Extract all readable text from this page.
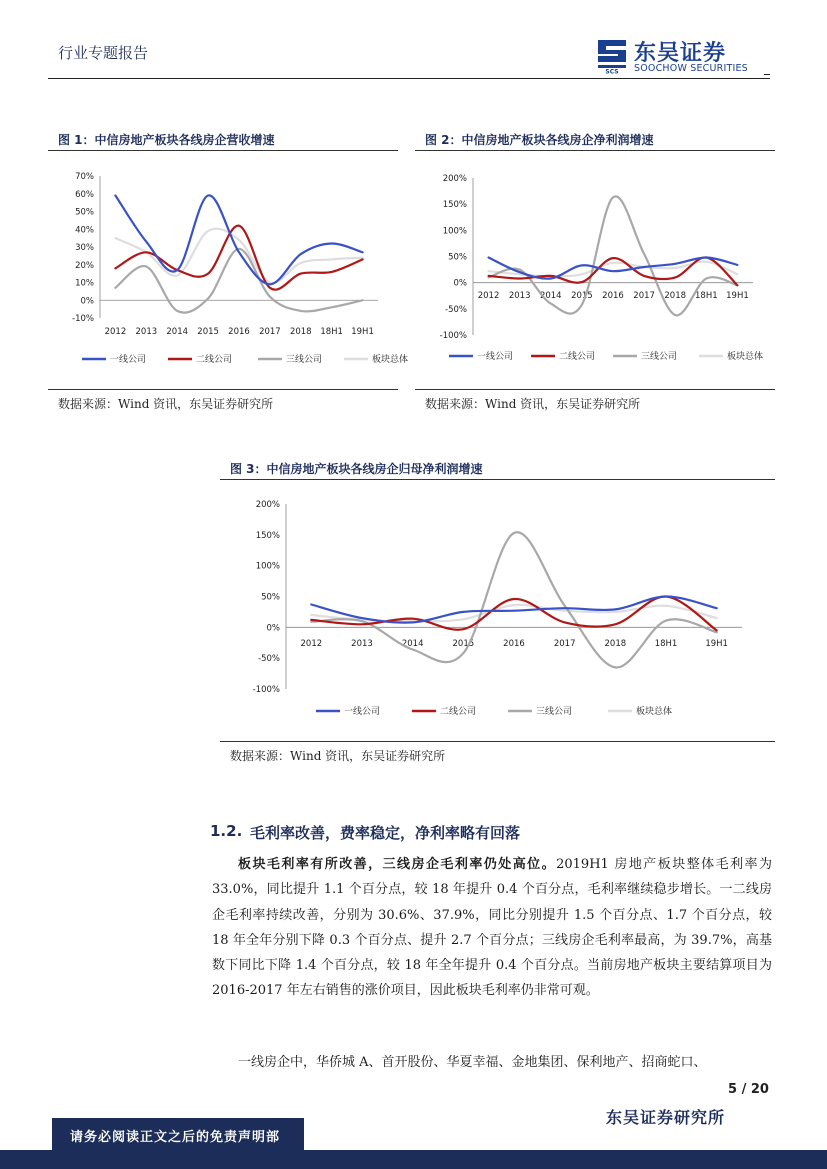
行业专题报告
SCS
东吴证券
SOOCHOW SECURITIES
图 1：中信房地产板块各线房企营收增速
-10%
0%
10%
20%
30%
40%
50%
60%
70%
2012 2013 2014 2015 2016 2017 2018 18H1 19H1
一线公司	二线公司	三线公司	板块总体
数据来源：Wind 资讯，东吴证券研究所
图 2：中信房地产板块各线房企净利润增速
-100%
-50%
0%
50%
100%
150%
200%
2012 2013 2014 2015 2016 2017 2018 18H1 19H1
一线公司	二线公司	三线公司	板块总体
数据来源：Wind 资讯，东吴证券研究所
图 3：中信房地产板块各线房企归母净利润增速
-100%
-50%
0%
50%
100%
150%
200%
2012	2013	2014	2015	2016	2017	2018	18H1	19H1
一线公司	二线公司	三线公司	板块总体
数据来源：Wind 资讯，东吴证券研究所
1.2. 毛利率改善，费率稳定，净利率略有回落
板块毛利率有所改善，三线房企毛利率仍处高位。2019H1 房地产板块整体毛利率为 33.0%，同比提升 1.1 个百分点，较 18 年提升 0.4 个百分点，毛利率继续稳步增长。一二线房企毛利率持续改善，分别为 30.6%、37.9%，同比分别提升 1.5 个百分点、1.7 个百分点，较 18 年全年分别下降 0.3 个百分点、提升 2.7 个百分点；三线房企毛利率最高，为 39.7%，高基数下同比下降 1.4 个百分点，较 18 年全年提升 0.4 个百分点。当前房地产板块主要结算项目为 2016-2017 年左右销售的涨价项目，因此板块毛利率仍非常可观。
一线房企中，华侨城 A、首开股份、华夏幸福、金地集团、保利地产、招商蛇口、
5 / 20
东吴证券研究所
请务必阅读正文之后的免责声明部
